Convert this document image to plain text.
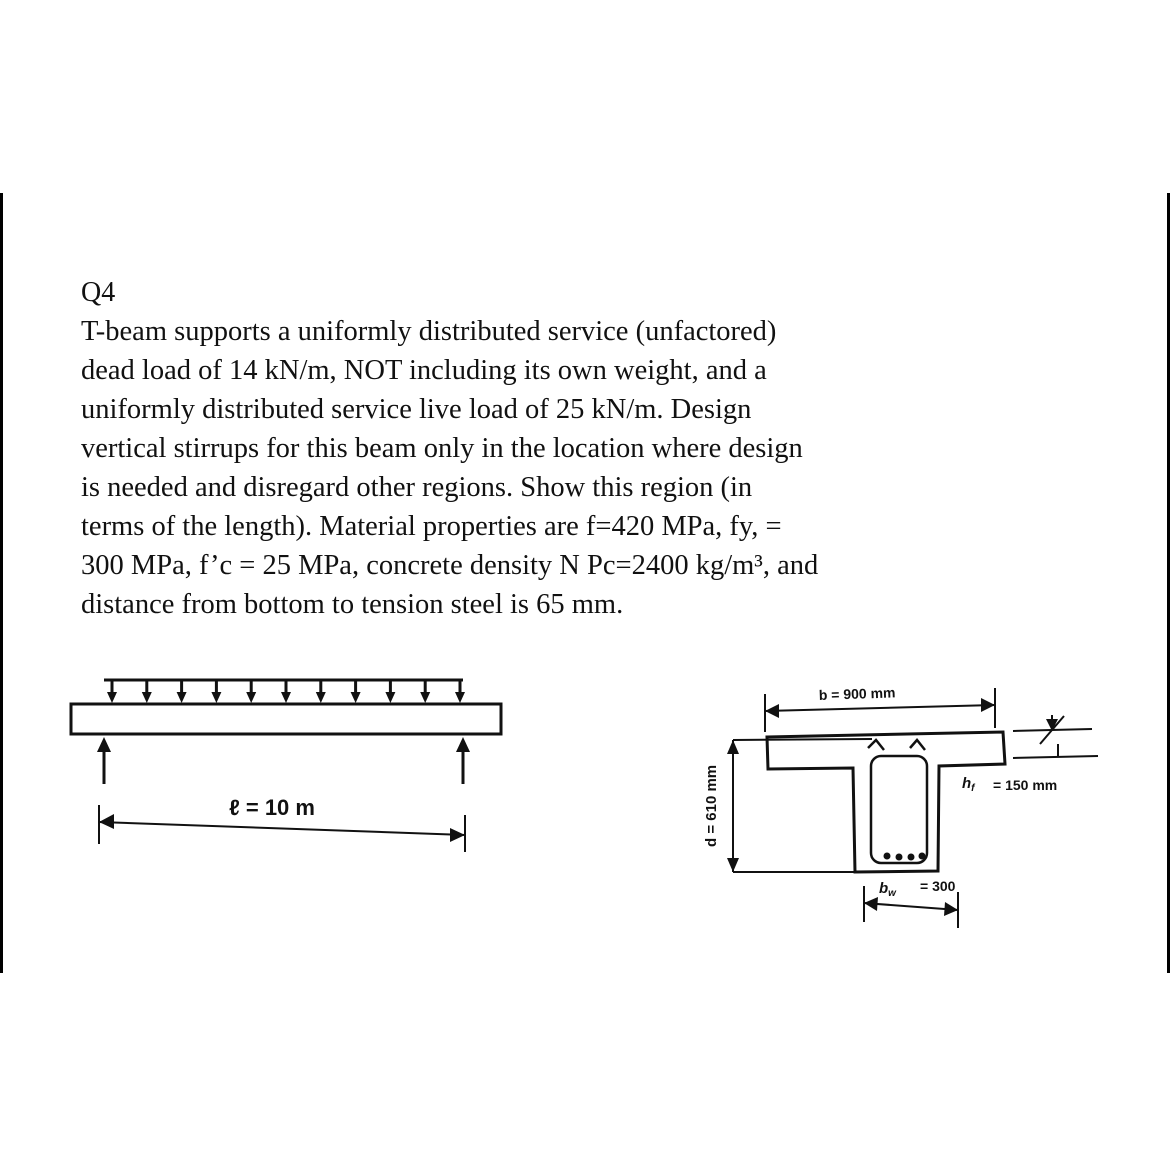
Q4
T-beam supports a uniformly distributed service (unfactored)
dead load of 14 kN/m, NOT including its own weight, and a
uniformly distributed service live load of 25 kN/m. Design
vertical stirrups for this beam only in the location where design
is needed and disregard other regions. Show this region (in
terms of the length). Material properties are f=420 MPa, fy, =
300 MPa, f’c = 25 MPa, concrete density N Pc=2400 kg/m³, and
distance from bottom to tension steel is 65 mm.
ℓ = 10 m
b = 900 mm
d = 610 mm	$h_f = 150$ mm
$b_w = 300$
